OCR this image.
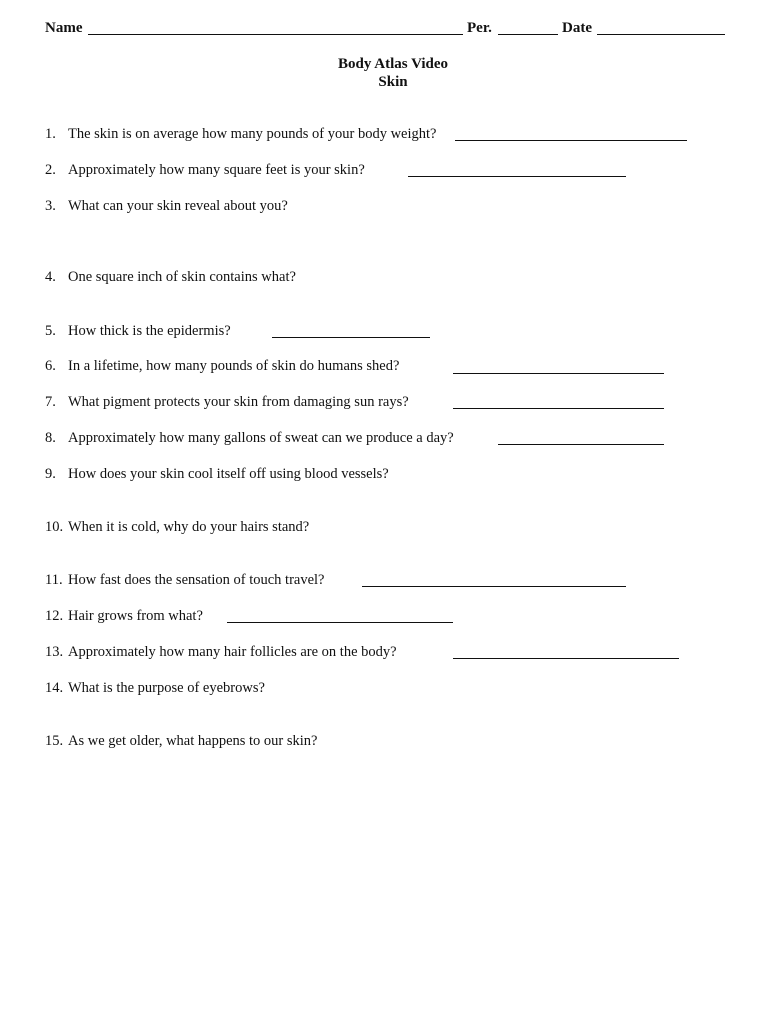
Name	Per.	Date
Body Atlas Video
Skin
1. The skin is on average how many pounds of your body weight?
2. Approximately how many square feet is your skin?
3. What can your skin reveal about you?
4. One square inch of skin contains what?
5. How thick is the epidermis?
6. In a lifetime, how many pounds of skin do humans shed?
7. What pigment protects your skin from damaging sun rays?
8. Approximately how many gallons of sweat can we produce a day?
9. How does your skin cool itself off using blood vessels?
10. When it is cold, why do your hairs stand?
11. How fast does the sensation of touch travel?
12. Hair grows from what?
13. Approximately how many hair follicles are on the body?
14. What is the purpose of eyebrows?
15. As we get older, what happens to our skin?
